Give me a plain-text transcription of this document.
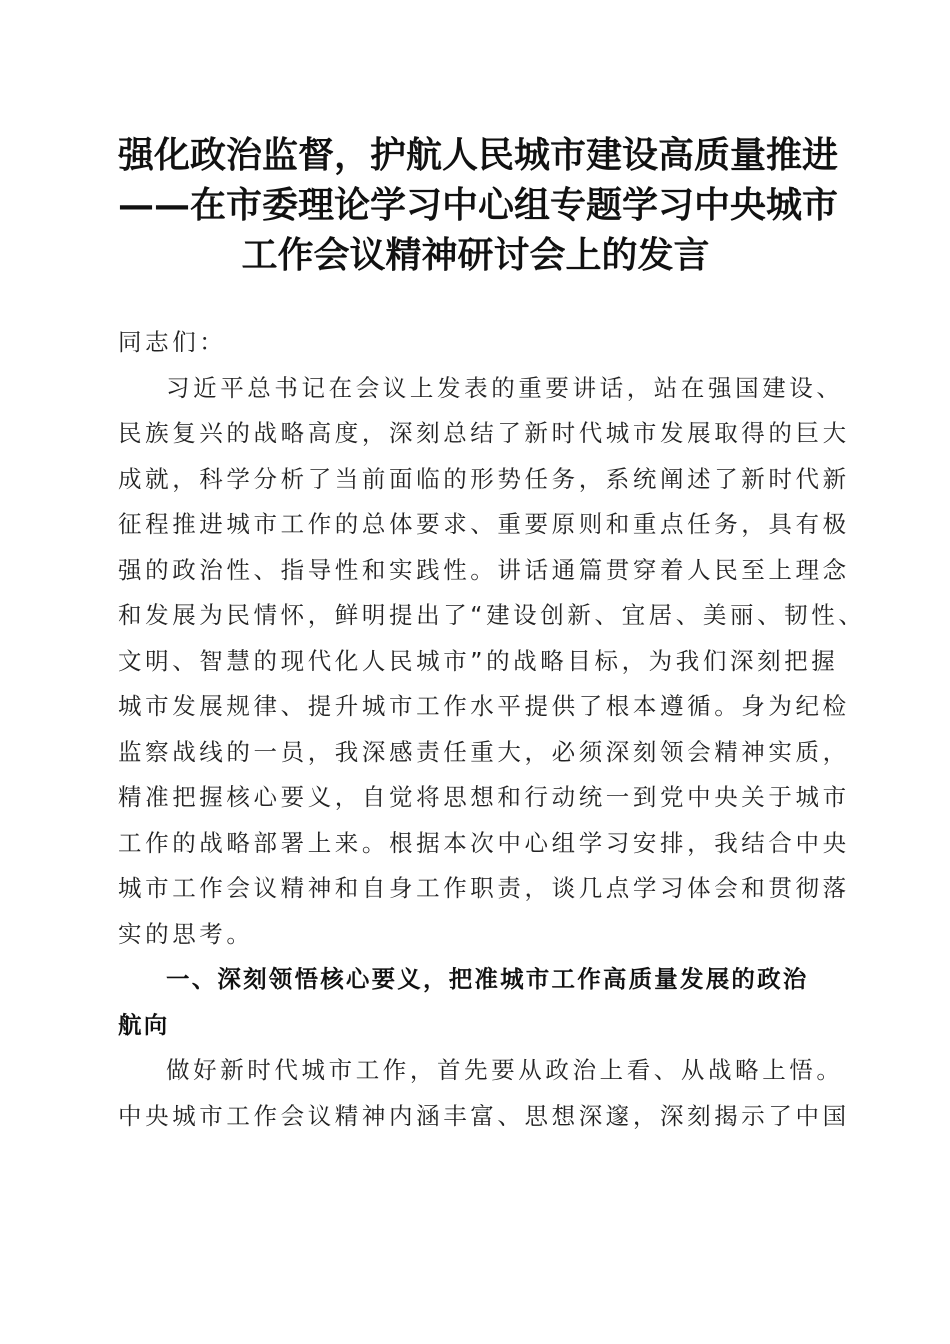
强化政治监督，护航人民城市建设高质量推进
——在市委理论学习中心组专题学习中央城市
工作会议精神研讨会上的发言
同志们：
习近平总书记在会议上发表的重要讲话，站在强国建设、
民族复兴的战略高度，深刻总结了新时代城市发展取得的巨大
成就，科学分析了当前面临的形势任务，系统阐述了新时代新
征程推进城市工作的总体要求、重要原则和重点任务，具有极
强的政治性、指导性和实践性。讲话通篇贯穿着人民至上理念
和发展为民情怀，鲜明提出了“建设创新、宜居、美丽、韧性、
文明、智慧的现代化人民城市”的战略目标，为我们深刻把握
城市发展规律、提升城市工作水平提供了根本遵循。身为纪检
监察战线的一员，我深感责任重大，必须深刻领会精神实质，
精准把握核心要义，自觉将思想和行动统一到党中央关于城市
工作的战略部署上来。根据本次中心组学习安排，我结合中央
城市工作会议精神和自身工作职责，谈几点学习体会和贯彻落
实的思考。
一、深刻领悟核心要义，把准城市工作高质量发展的政治
航向
做好新时代城市工作，首先要从政治上看、从战略上悟。
中央城市工作会议精神内涵丰富、思想深邃，深刻揭示了中国
